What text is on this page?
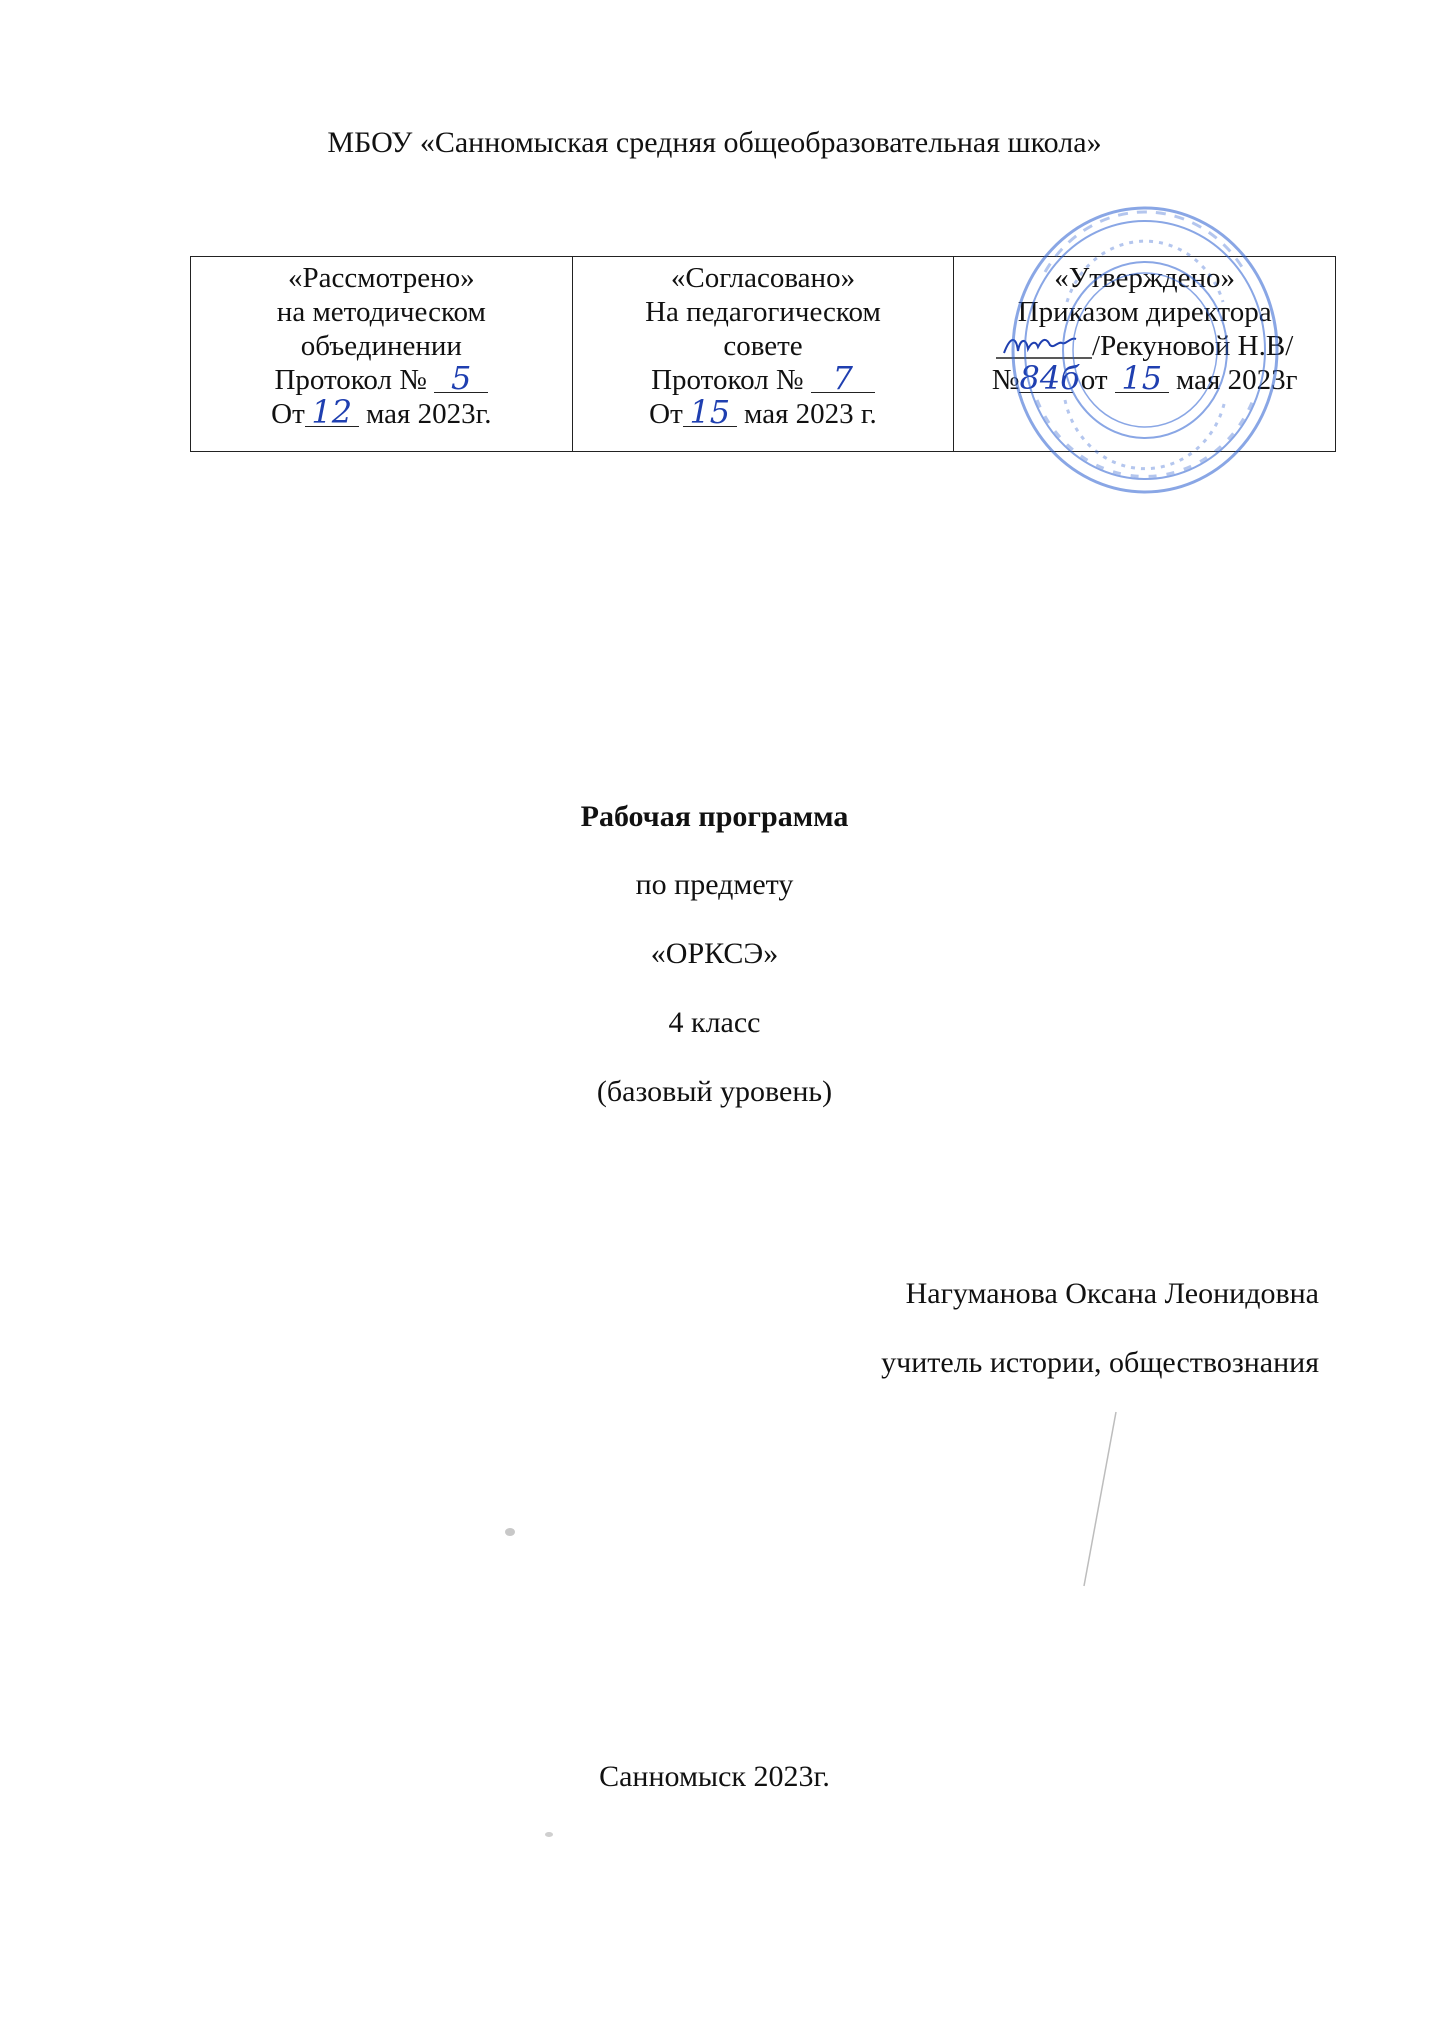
МБОУ «Санномыская средняя общеобразовательная школа»
«Рассмотрено»
на методическом
объединении
Протокол № 5
От 12 мая 2023г.

«Согласовано»
На педагогическом
совете
Протокол № 7
От 15 мая 2023 г.

«Утверждено»
Приказом директора
/Рекуновой Н.В/
№84б от 15 мая 2023г
Рабочая программа
по предмету
«ОРКСЭ»
4 класс
(базовый уровень)
Нагуманова Оксана Леонидовна
учитель истории, обществознания
Санномыск 2023г.
